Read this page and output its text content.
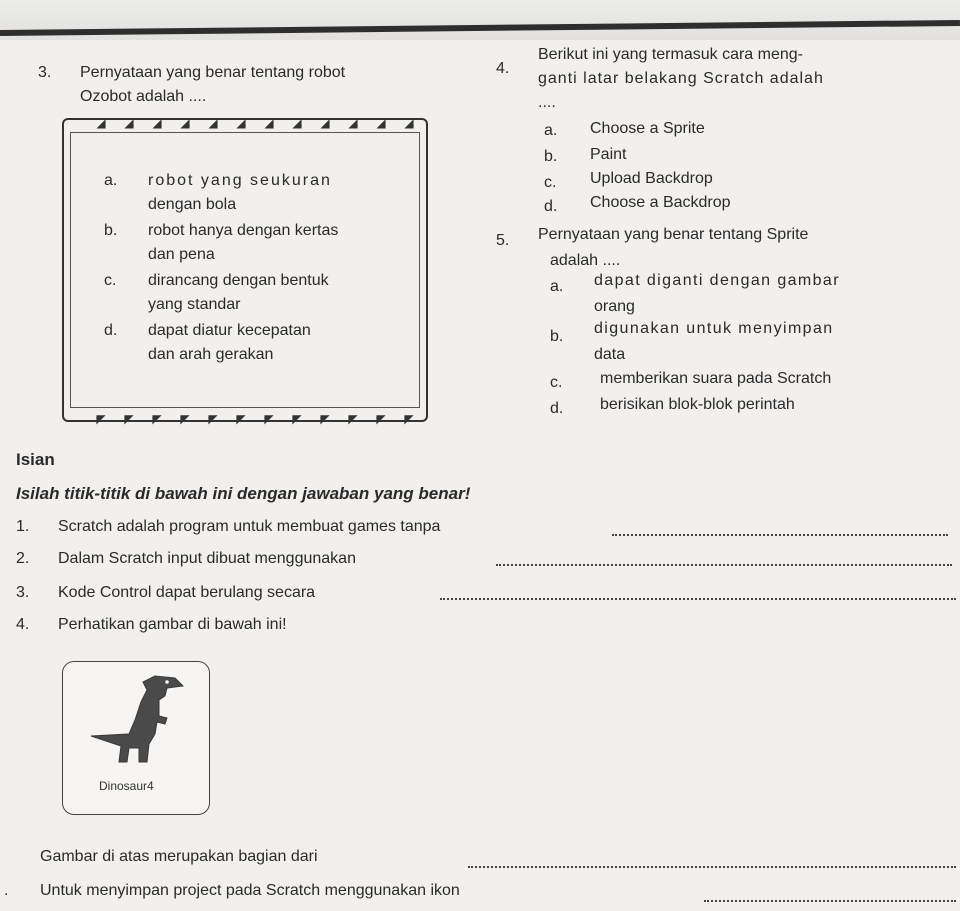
3. Pernyataan yang benar tentang robot
Ozobot adalah ....
◢ ◢ ◢ ◢ ◢ ◢ ◢ ◢ ◢ ◢ ◢ ◢
◤ ◤ ◤ ◤ ◤ ◤ ◤ ◤ ◤ ◤ ◤ ◤
a. robot yang seukuran
dengan bola
b. robot hanya dengan kertas
dan pena
c. dirancang dengan bentuk
yang standar
d. dapat diatur kecepatan
dan arah gerakan
4.
Berikut ini yang termasuk cara meng-
ganti latar belakang Scratch adalah
....
a. Choose a Sprite
b. Paint
c. Upload Backdrop
d. Choose a Backdrop
5. Pernyataan yang benar tentang Sprite
adalah ....
a. dapat diganti dengan gambar
orang
b. digunakan untuk menyimpan
data
c. memberikan suara pada Scratch
d. berisikan blok-blok perintah
Isian
Isilah titik-titik di bawah ini dengan jawaban yang benar!
1. Scratch adalah program untuk membuat games tanpa
2. Dalam Scratch input dibuat menggunakan
3. Kode Control dapat berulang secara
4. Perhatikan gambar di bawah ini!
Dinosaur4
Gambar di atas merupakan bagian dari
. Untuk menyimpan project pada Scratch menggunakan ikon
